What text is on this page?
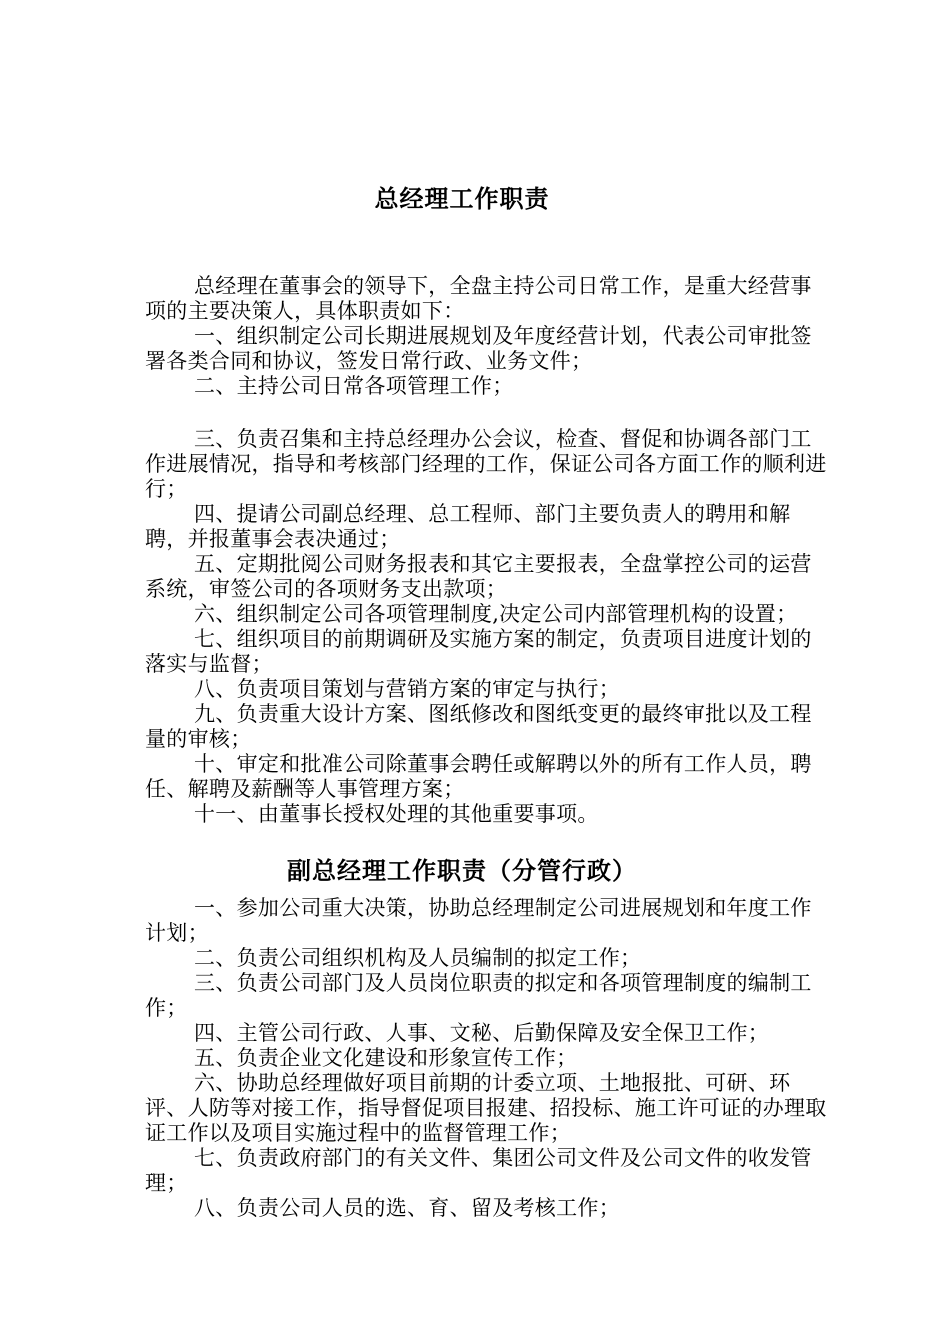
总经理工作职责

总经理在董事会的领导下，全盘主持公司日常工作，是重大经营事项的主要决策人，具体职责如下：

一、组织制定公司长期进展规划及年度经营计划，代表公司审批签署各类合同和协议，签发日常行政、业务文件；

二、主持公司日常各项管理工作；

三、负责召集和主持总经理办公会议，检查、督促和协调各部门工作进展情况，指导和考核部门经理的工作，保证公司各方面工作的顺利进行；

四、提请公司副总经理、总工程师、部门主要负责人的聘用和解聘，并报董事会表决通过；

五、定期批阅公司财务报表和其它主要报表，全盘掌控公司的运营系统，审签公司的各项财务支出款项；

六、组织制定公司各项管理制度,决定公司内部管理机构的设置；

七、组织项目的前期调研及实施方案的制定，负责项目进度计划的落实与监督；

八、负责项目策划与营销方案的审定与执行；

九、负责重大设计方案、图纸修改和图纸变更的最终审批以及工程量的审核；

十、审定和批准公司除董事会聘任或解聘以外的所有工作人员，聘任、解聘及薪酬等人事管理方案；

十一、由董事长授权处理的其他重要事项。

副总经理工作职责（分管行政）

一、参加公司重大决策，协助总经理制定公司进展规划和年度工作计划；

二、负责公司组织机构及人员编制的拟定工作；

三、负责公司部门及人员岗位职责的拟定和各项管理制度的编制工作；

四、主管公司行政、人事、文秘、后勤保障及安全保卫工作；

五、负责企业文化建设和形象宣传工作；

六、协助总经理做好项目前期的计委立项、土地报批、可研、环评、人防等对接工作，指导督促项目报建、招投标、施工许可证的办理取证工作以及项目实施过程中的监督管理工作；

七、负责政府部门的有关文件、集团公司文件及公司文件的收发管理；

八、负责公司人员的选、育、留及考核工作；
